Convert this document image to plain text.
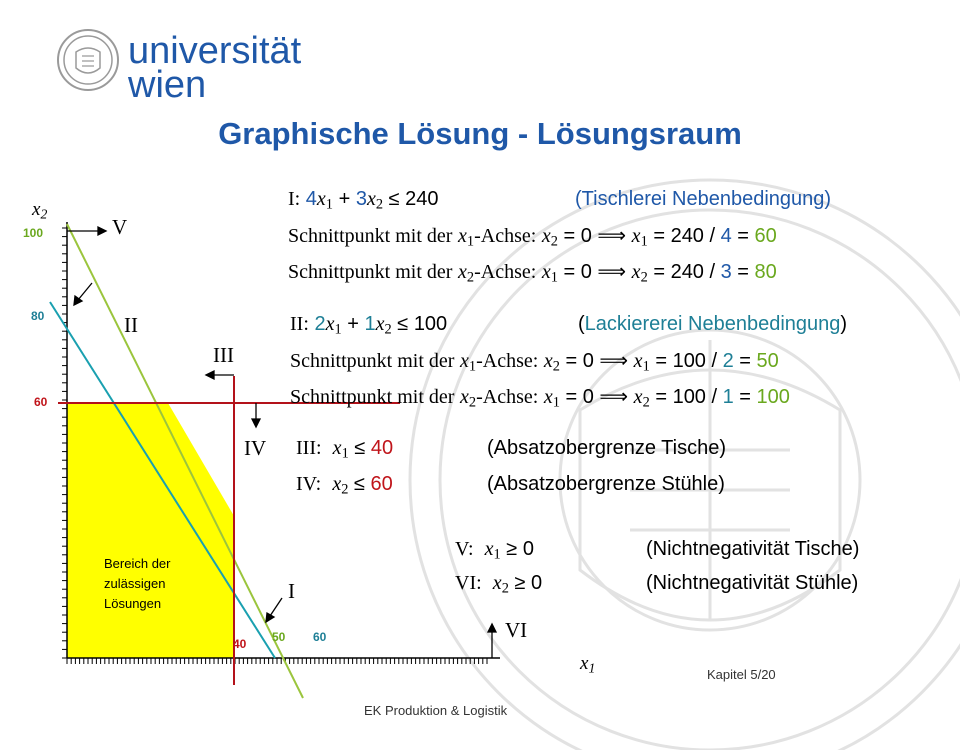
universität
wien
Graphische Lösung - Lösungsraum
$x_2$
$x_1$
100
80
60
40 50 60
V
II
III
IV
I
VI
Bereich der zulässigen Lösungen
I: $4x_1 + 3x_2 \le 240$	(Tischlerei Nebenbedingung)
Schnittpunkt mit der $x_1$-Achse: $x_2 = 0$ ⟹ $x_1 = 240 / 4 = 60$
Schnittpunkt mit der $x_2$-Achse: $x_1 = 0$ ⟹ $x_2 = 240 / 3 = 80$
II: $2x_1 + 1x_2 \le 100$	(Lackiererei Nebenbedingung)
Schnittpunkt mit der $x_1$-Achse: $x_2 = 0$ ⟹ $x_1 = 100 / 2 = 50$
Schnittpunkt mit der $x_2$-Achse: $x_1 = 0$ ⟹ $x_2 = 100 / 1 = 100$
III: $x_1 \le 40$	(Absatzobergrenze Tische)
IV: $x_2 \le 60$	(Absatzobergrenze Stühle)
V: $x_1 \ge 0$	(Nichtnegativität Tische)
VI: $x_2 \ge 0$	(Nichtnegativität Stühle)
EK Produktion & Logistik
Kapitel 5/20
